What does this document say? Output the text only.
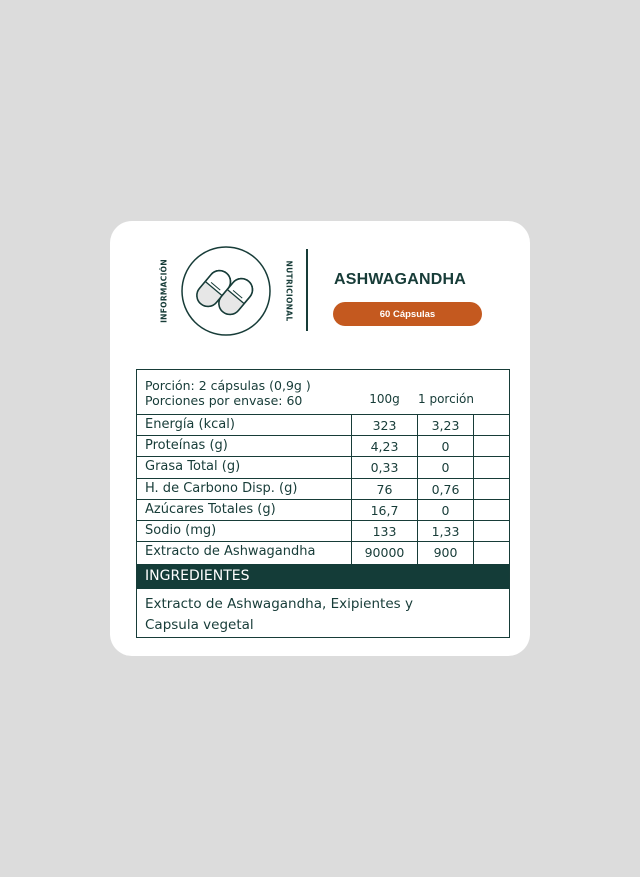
INFORMACIÓN	NUTRICIONAL	ASHWAGANDHA
60 Cápsulas
Porción: 2 cápsulas (0,9g )
Porciones por envase: 60	100g	1 porción
Energía (kcal)	323	3,23
Proteínas (g)	4,23	0
Grasa Total (g)	0,33	0
H. de Carbono Disp. (g)	76	0,76
Azúcares Totales (g)	16,7	0
Sodio (mg)	133	1,33
Extracto de Ashwagandha	90000	900
INGREDIENTES
Extracto de Ashwagandha, Exipientes y Capsula vegetal
